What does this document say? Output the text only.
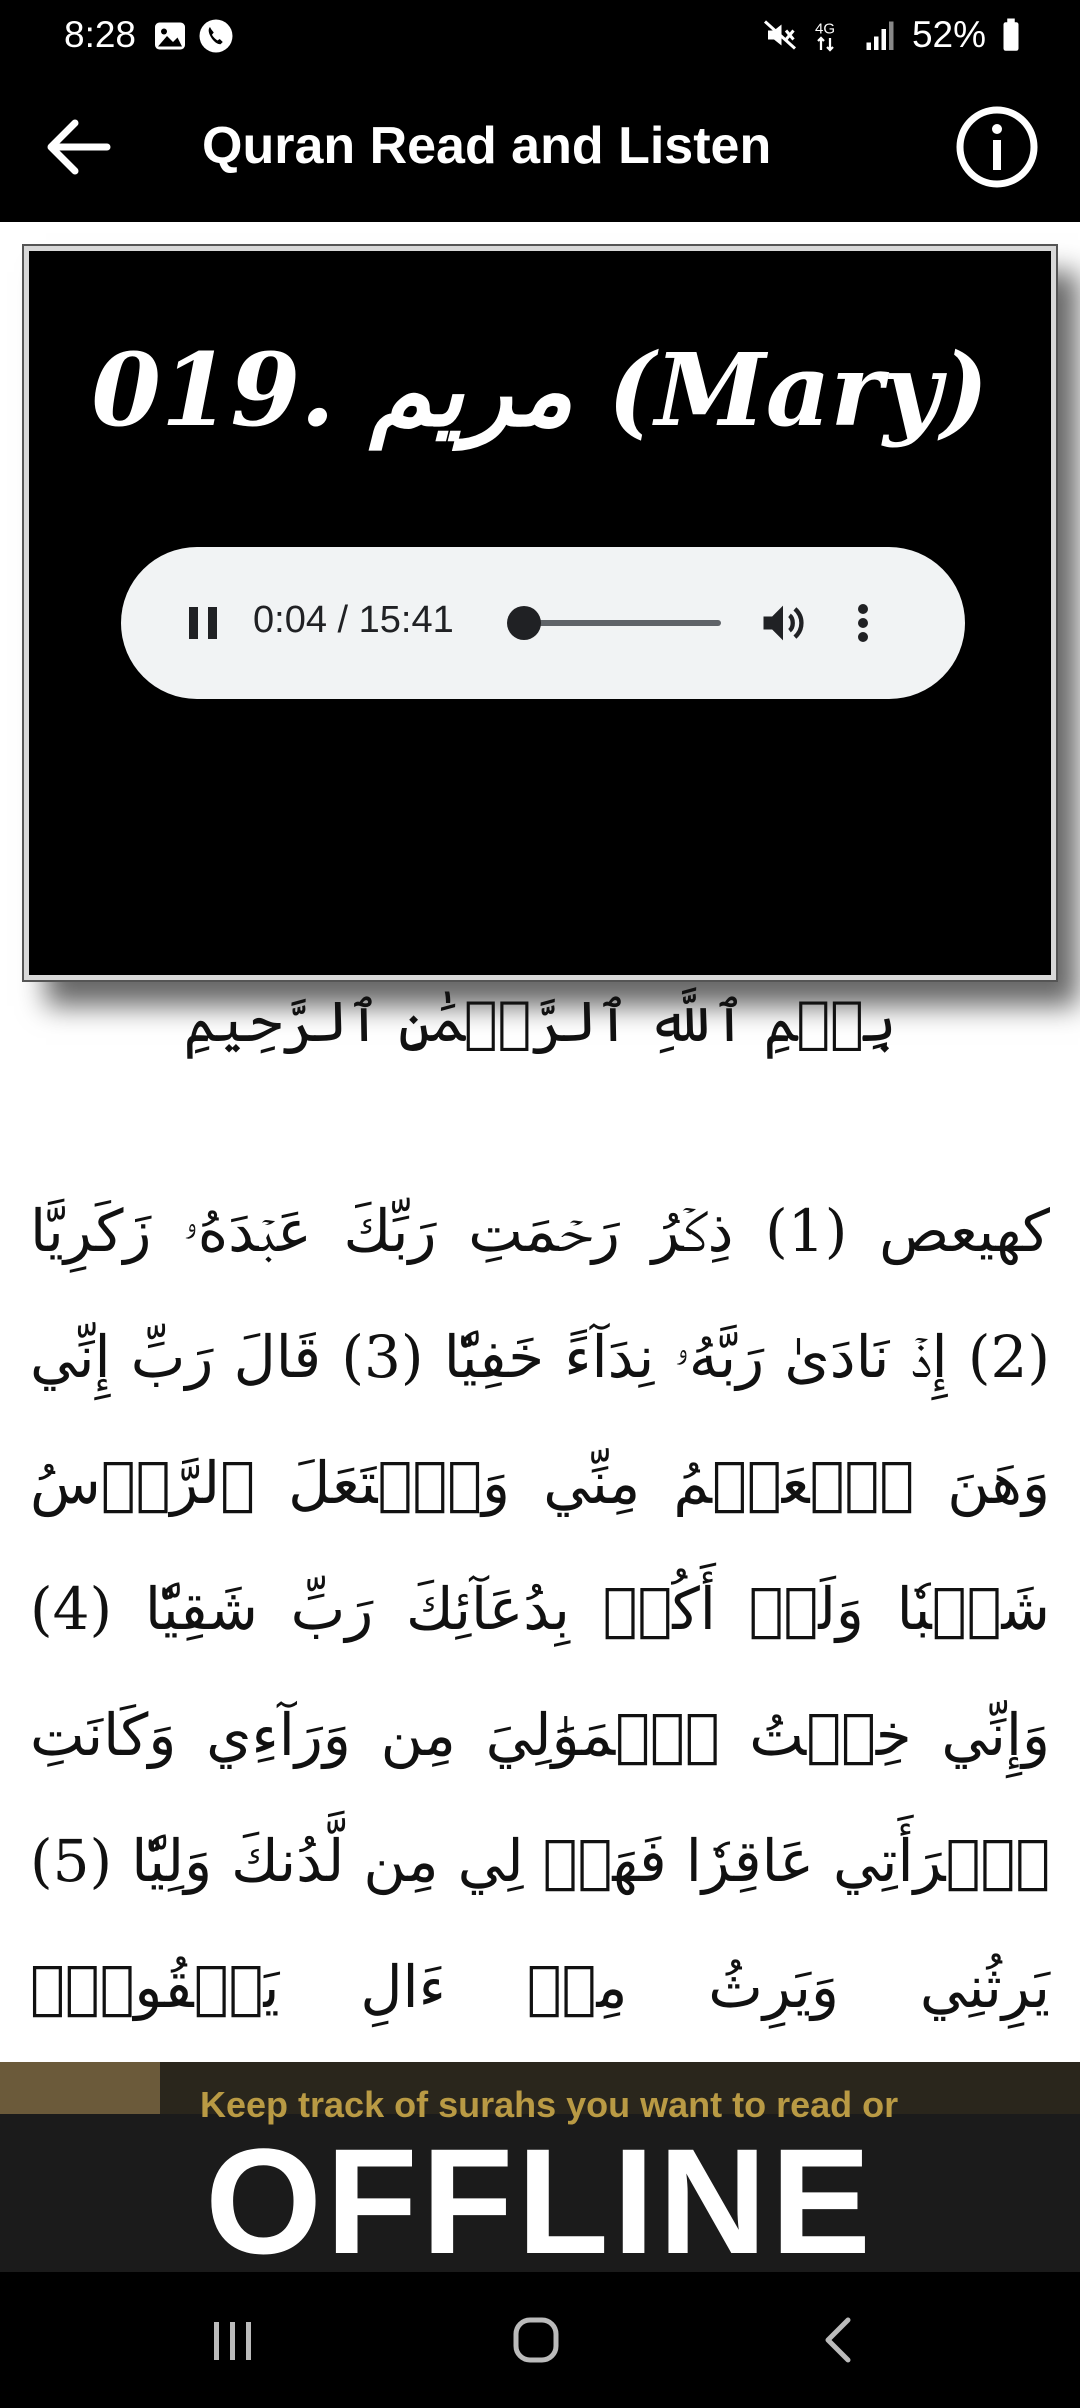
8:28	4G 52%
Quran Read and Listen
019. مريم (Mary)
0:04 / 15:41
بِسۡمِ ٱللَّهِ ٱلرَّحۡمَٰنِ ٱلرَّحِيمِ
كهيعص (1) ذِكۡرُ رَحۡمَتِ رَبِّكَ عَبۡدَهُۥ زَكَرِيَّا (2) إِذۡ نَادَىٰ رَبَّهُۥ نِدَآءً خَفِيّٗا (3) قَالَ رَبِّ إِنِّي وَهَنَ ٱلۡعَظۡمُ مِنِّي وَٱشۡتَعَلَ ٱلرَّأۡسُ شَيۡبٗا وَلَمۡ أَكُنۢ بِدُعَآئِكَ رَبِّ شَقِيّٗا (4) وَإِنِّي خِفۡتُ ٱلۡمَوَٰلِيَ مِن وَرَآءِي وَكَانَتِ ٱمۡرَأَتِي عَاقِرٗا فَهَبۡ لِي مِن لَّدُنكَ وَلِيّٗا (5) يَرِثُنِي وَيَرِثُ مِنۡ ءَالِ يَعۡقُوبَۖ
Keep track of surahs you want to read or
OFFLINE
